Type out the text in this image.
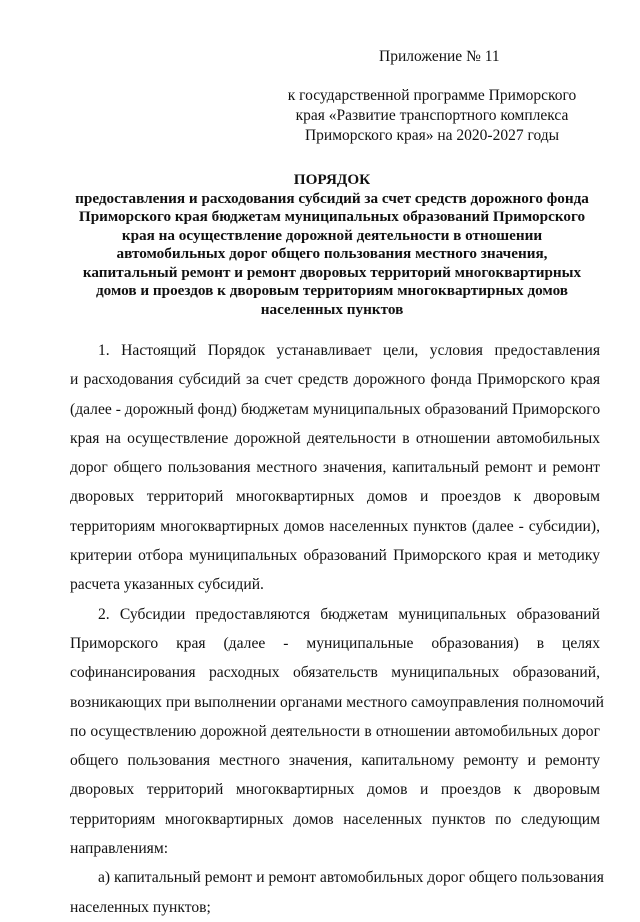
Приложение № 11
к государственной программе Приморского
края «Развитие транспортного комплекса
Приморского края» на 2020-2027 годы
ПОРЯДОК
предоставления и расходования субсидий за счет средств дорожного фонда
Приморского края бюджетам муниципальных образований Приморского
края на осуществление дорожной деятельности в отношении
автомобильных дорог общего пользования местного значения,
капитальный ремонт и ремонт дворовых территорий многоквартирных
домов и проездов к дворовым территориям многоквартирных домов
населенных пунктов
1. Настоящий Порядок устанавливает цели, условия предоставления
и расходования субсидий за счет средств дорожного фонда Приморского края
(далее - дорожный фонд) бюджетам муниципальных образований Приморского
края на осуществление дорожной деятельности в отношении автомобильных
дорог общего пользования местного значения, капитальный ремонт и ремонт
дворовых территорий многоквартирных домов и проездов к дворовым
территориям многоквартирных домов населенных пунктов (далее - субсидии),
критерии отбора муниципальных образований Приморского края и методику
расчета указанных субсидий.
2. Субсидии предоставляются бюджетам муниципальных образований
Приморского края (далее - муниципальные образования) в целях
софинансирования расходных обязательств муниципальных образований,
возникающих при выполнении органами местного самоуправления полномочий
по осуществлению дорожной деятельности в отношении автомобильных дорог
общего пользования местного значения, капитальному ремонту и ремонту
дворовых территорий многоквартирных домов и проездов к дворовым
территориям многоквартирных домов населенных пунктов по следующим
направлениям:
а) капитальный ремонт и ремонт автомобильных дорог общего пользования
населенных пунктов;
